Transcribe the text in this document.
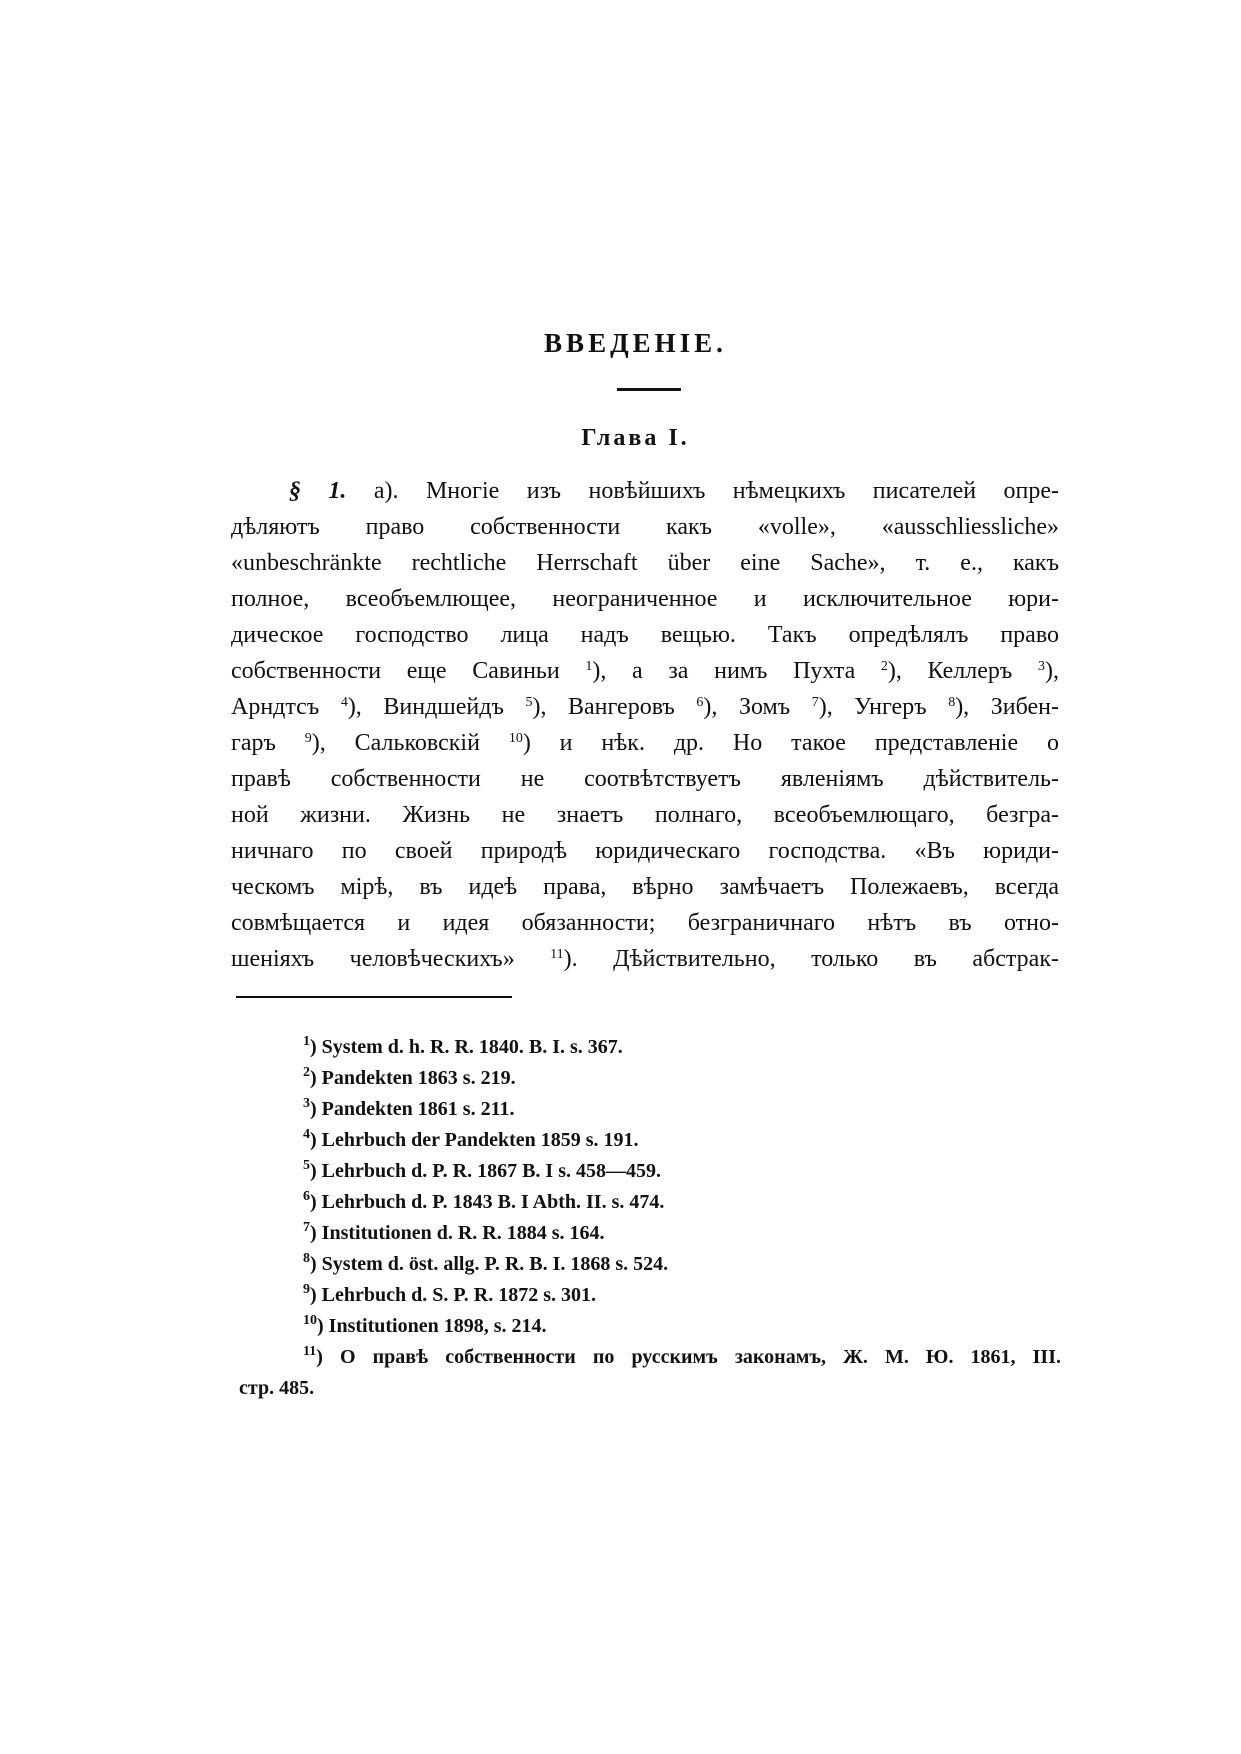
ВВЕДЕНІЕ.
Глава I.
§ 1. а). Многіе изъ новѣйшихъ нѣмецкихъ писателей опре-
дѣляютъ право собственности какъ «volle», «ausschliessliche»
«unbeschränkte rechtliche Herrschaft über eine Sache», т. е., какъ
полное, всеобъемлющее, неограниченное и исключительное юри-
дическое господство лица надъ вещью. Такъ опредѣлялъ право
собственности еще Савиньи $^1$), а за нимъ Пухта $^2$), Келлеръ $^3$),
Арндтсъ $^4$), Виндшейдъ $^5$), Вангеровъ $^6$), Зомъ $^7$), Унгеръ $^8$), Зибен-
гаръ $^9$), Сальковскій $^{10}$) и нѣк. др. Но такое представленіе о
правѣ собственности не соотвѣтствуетъ явленіямъ дѣйствитель-
ной жизни. Жизнь не знаетъ полнаго, всеобъемлющаго, безгра-
ничнаго по своей природѣ юридическаго господства. «Въ юриди-
ческомъ мірѣ, въ идеѣ права, вѣрно замѣчаетъ Полежаевъ, всегда
совмѣщается и идея обязанности; безграничнаго нѣтъ въ отно-
шеніяхъ человѣческихъ» $^{11}$). Дѣйствительно, только въ абстрак-
$^1$) System d. h. R. R. 1840. B. I. s. 367.
$^2$) Pandekten 1863 s. 219.
$^3$) Pandekten 1861 s. 211.
$^4$) Lehrbuch der Pandekten 1859 s. 191.
$^5$) Lehrbuch d. P. R. 1867 B. I s. 458—459.
$^6$) Lehrbuch d. P. 1843 B. I Abth. II. s. 474.
$^7$) Institutionen d. R. R. 1884 s. 164.
$^8$) System d. öst. allg. P. R. B. I. 1868 s. 524.
$^9$) Lehrbuch d. S. P. R. 1872 s. 301.
$^{10}$) Institutionen 1898, s. 214.
$^{11}$) О правѣ собственности по русскимъ законамъ, Ж. М. Ю. 1861, III.
стр. 485.
